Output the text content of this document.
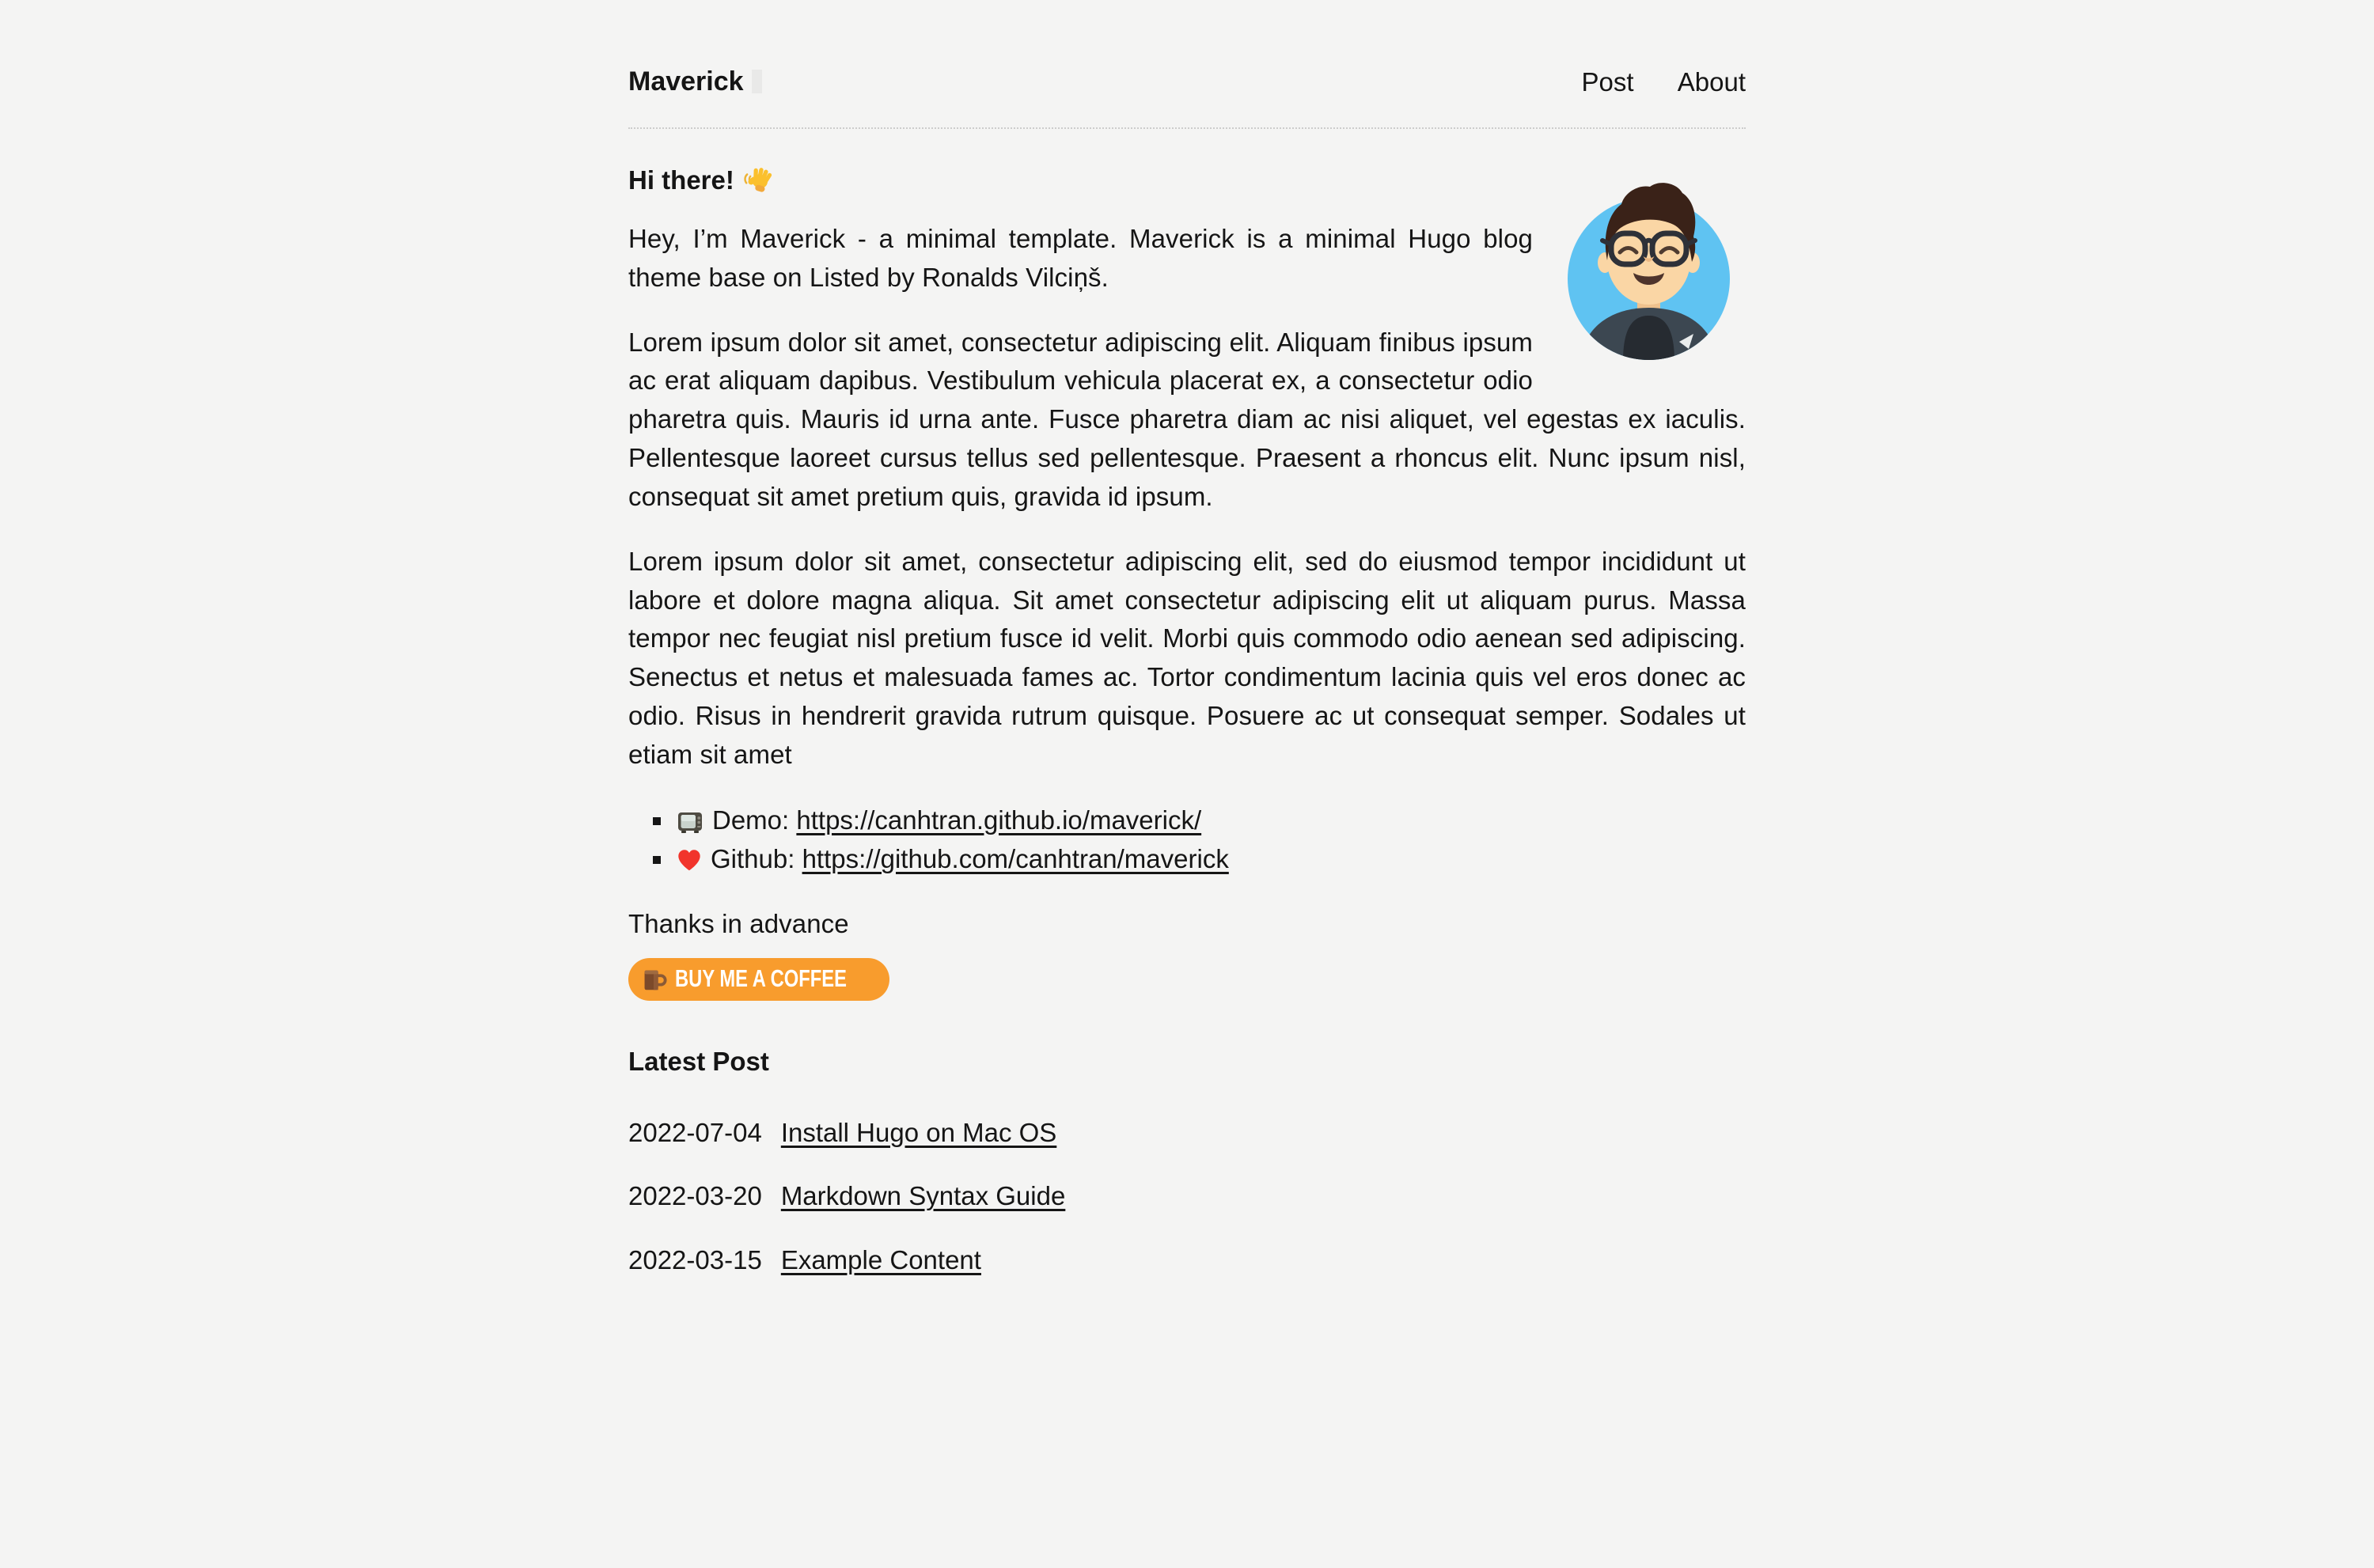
Maverick	Post About
Hi there!

Hey, I’m Maverick - a minimal template. Maverick is a minimal Hugo blog theme base on Listed by Ronalds Vilciņš.

Lorem ipsum dolor sit amet, consectetur adipiscing elit. Aliquam finibus ipsum ac erat aliquam dapibus. Vestibulum vehicula placerat ex, a consectetur odio pharetra quis. Mauris id urna ante. Fusce pharetra diam ac nisi aliquet, vel egestas ex iaculis. Pellentesque laoreet cursus tellus sed pellentesque. Praesent a rhoncus elit. Nunc ipsum nisl, consequat sit amet pretium quis, gravida id ipsum.

Lorem ipsum dolor sit amet, consectetur adipiscing elit, sed do eiusmod tempor incididunt ut labore et dolore magna aliqua. Sit amet consectetur adipiscing elit ut aliquam purus. Massa tempor nec feugiat nisl pretium fusce id velit. Morbi quis commodo odio aenean sed adipiscing. Senectus et netus et malesuada fames ac. Tortor condimentum lacinia quis vel eros donec ac odio. Risus in hendrerit gravida rutrum quisque. Posuere ac ut consequat semper. Sodales ut etiam sit amet

▪ Demo: https://canhtran.github.io/maverick/
▪ Github: https://github.com/canhtran/maverick

Thanks in advance

BUY ME A COFFEE
Latest Post
2022-07-04 Install Hugo on Mac OS
2022-03-20 Markdown Syntax Guide
2022-03-15 Example Content
